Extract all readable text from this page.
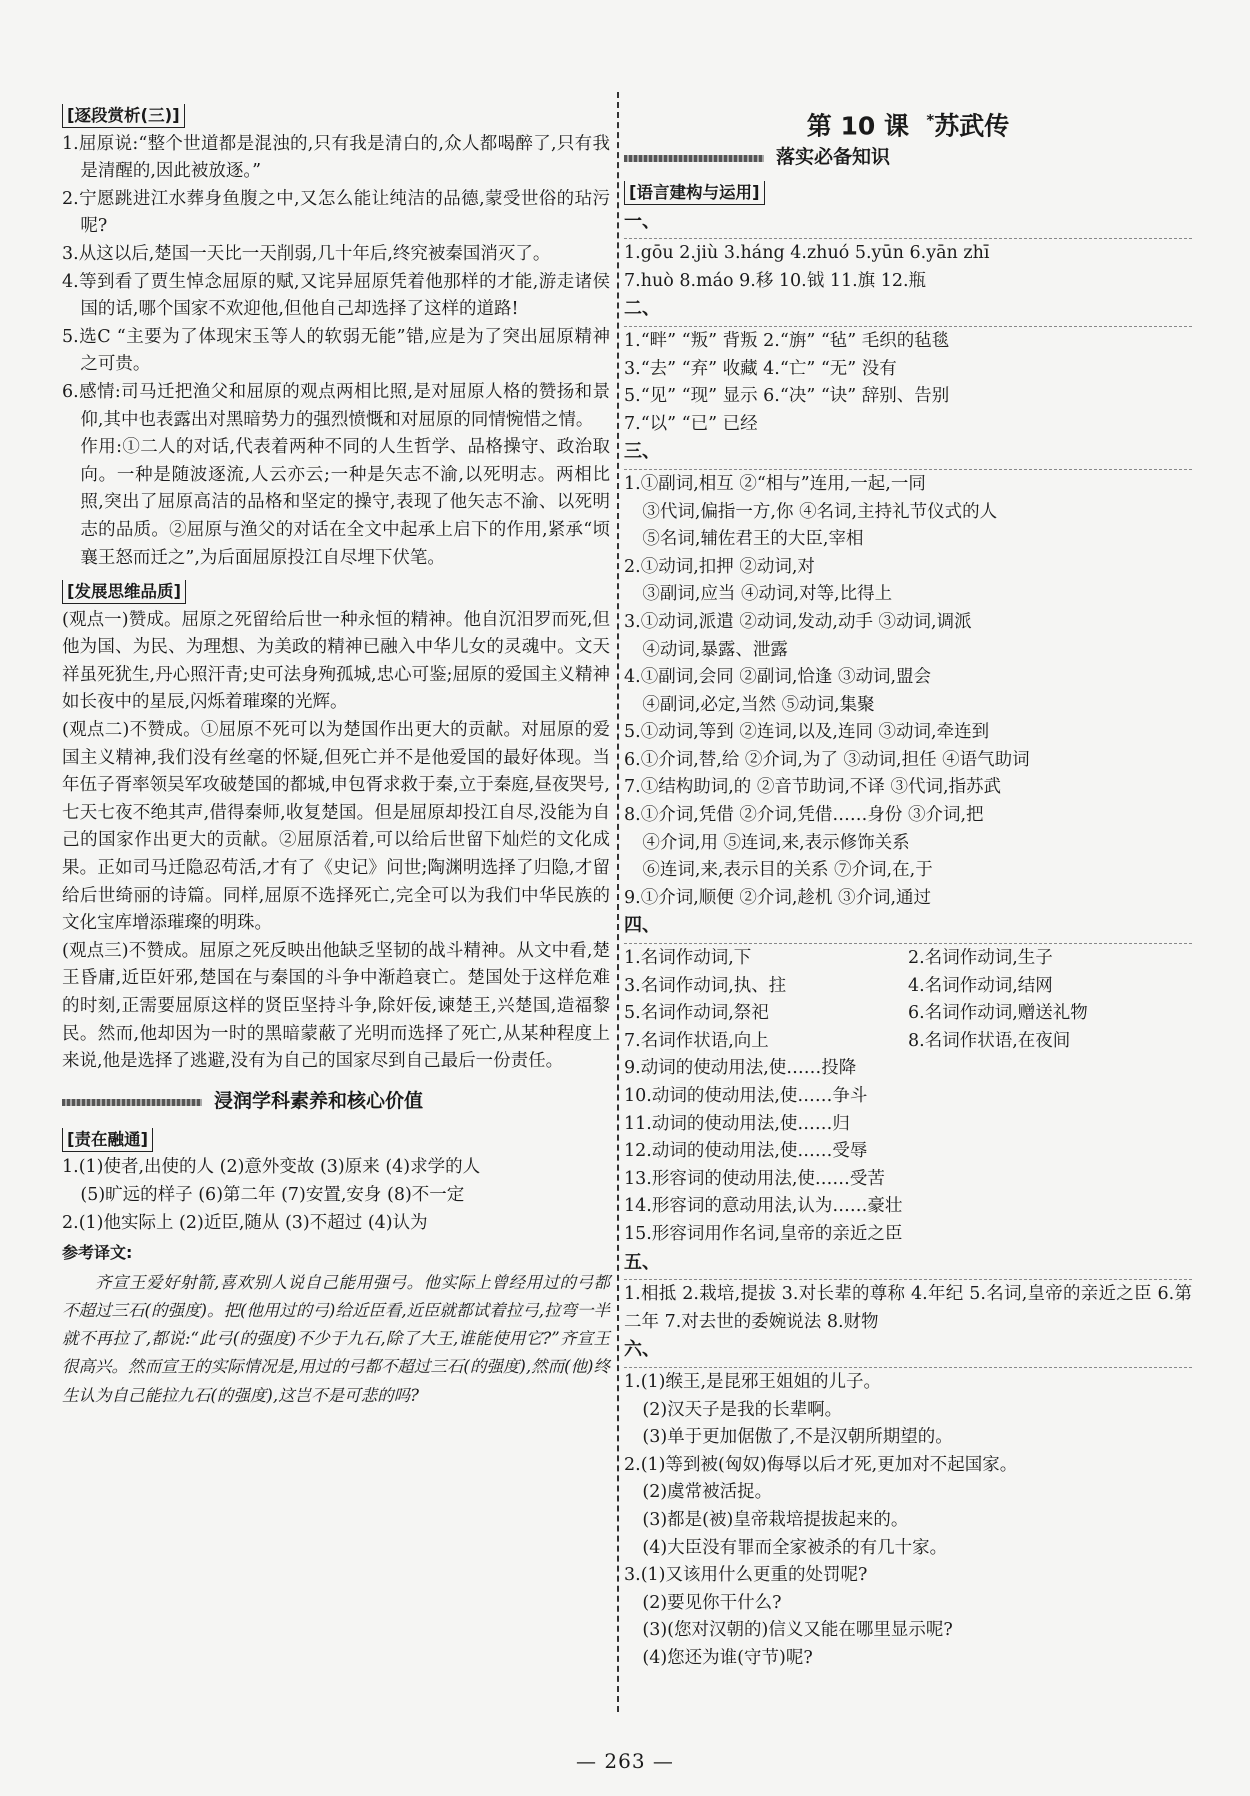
[逐段赏析(三)]

1.屈原说:“整个世道都是混浊的,只有我是清白的,众人都喝醉了,只有我是清醒的,因此被放逐。”

2.宁愿跳进江水葬身鱼腹之中,又怎么能让纯洁的品德,蒙受世俗的玷污呢?

3.从这以后,楚国一天比一天削弱,几十年后,终究被秦国消灭了。

4.等到看了贾生悼念屈原的赋,又诧异屈原凭着他那样的才能,游走诸侯国的话,哪个国家不欢迎他,但他自己却选择了这样的道路!

5.选C “主要为了体现宋玉等人的软弱无能”错,应是为了突出屈原精神之可贵。

6.感情:司马迁把渔父和屈原的观点两相比照,是对屈原人格的赞扬和景仰,其中也表露出对黑暗势力的强烈愤慨和对屈原的同情惋惜之情。

作用:①二人的对话,代表着两种不同的人生哲学、品格操守、政治取向。一种是随波逐流,人云亦云;一种是矢志不渝,以死明志。两相比照,突出了屈原高洁的品格和坚定的操守,表现了他矢志不渝、以死明志的品质。②屈原与渔父的对话在全文中起承上启下的作用,紧承“顷襄王怒而迁之”,为后面屈原投江自尽埋下伏笔。

[发展思维品质]

(观点一)赞成。屈原之死留给后世一种永恒的精神。他自沉汨罗而死,但他为国、为民、为理想、为美政的精神已融入中华儿女的灵魂中。文天祥虽死犹生,丹心照汗青;史可法身殉孤城,忠心可鉴;屈原的爱国主义精神如长夜中的星辰,闪烁着璀璨的光辉。

(观点二)不赞成。①屈原不死可以为楚国作出更大的贡献。对屈原的爱国主义精神,我们没有丝毫的怀疑,但死亡并不是他爱国的最好体现。当年伍子胥率领吴军攻破楚国的都城,申包胥求救于秦,立于秦庭,昼夜哭号,七天七夜不绝其声,借得秦师,收复楚国。但是屈原却投江自尽,没能为自己的国家作出更大的贡献。②屈原活着,可以给后世留下灿烂的文化成果。正如司马迁隐忍苟活,才有了《史记》问世;陶渊明选择了归隐,才留给后世绮丽的诗篇。同样,屈原不选择死亡,完全可以为我们中华民族的文化宝库增添璀璨的明珠。

(观点三)不赞成。屈原之死反映出他缺乏坚韧的战斗精神。从文中看,楚王昏庸,近臣奸邪,楚国在与秦国的斗争中渐趋衰亡。楚国处于这样危难的时刻,正需要屈原这样的贤臣坚持斗争,除奸佞,谏楚王,兴楚国,造福黎民。然而,他却因为一时的黑暗蒙蔽了光明而选择了死亡,从某种程度上来说,他是选择了逃避,没有为自己的国家尽到自己最后一份责任。

浸润学科素养和核心价值
[责在融通]

1.(1)使者,出使的人 (2)意外变故 (3)原来 (4)求学的人

(5)旷远的样子 (6)第二年 (7)安置,安身 (8)不一定

2.(1)他实际上 (2)近臣,随从 (3)不超过 (4)认为

参考译文:

齐宣王爱好射箭,喜欢别人说自己能用强弓。他实际上曾经用过的弓都不超过三石(的强度)。把(他用过的弓)给近臣看,近臣就都试着拉弓,拉弯一半就不再拉了,都说:“此弓(的强度)不少于九石,除了大王,谁能使用它?”齐宣王很高兴。然而宣王的实际情况是,用过的弓都不超过三石(的强度),然而(他)终生认为自己能拉九石(的强度),这岂不是可悲的吗?

第 10 课 *苏武传
落实必备知识
[语言建构与运用]
一、

1.gōu 2.jiù 3.háng 4.zhuó 5.yūn 6.yān zhī

7.huò 8.máo 9.移 10.钺 11.旗 12.瓶

二、

1.“畔” “叛” 背叛 2.“旃” “毡” 毛织的毡毯

3.“去” “弃” 收藏 4.“亡” “无” 没有

5.“见” “现” 显示 6.“决” “诀” 辞别、告别

7.“以” “已” 已经

三、

1.①副词,相互 ②“相与”连用,一起,一同

③代词,偏指一方,你 ④名词,主持礼节仪式的人

⑤名词,辅佐君王的大臣,宰相

2.①动词,扣押 ②动词,对

③副词,应当 ④动词,对等,比得上

3.①动词,派遣 ②动词,发动,动手 ③动词,调派

④动词,暴露、泄露

4.①副词,会同 ②副词,恰逢 ③动词,盟会

④副词,必定,当然 ⑤动词,集聚

5.①动词,等到 ②连词,以及,连同 ③动词,牵连到

6.①介词,替,给 ②介词,为了 ③动词,担任 ④语气助词

7.①结构助词,的 ②音节助词,不译 ③代词,指苏武

8.①介词,凭借 ②介词,凭借……身份 ③介词,把

④介词,用 ⑤连词,来,表示修饰关系

⑥连词,来,表示目的关系 ⑦介词,在,于

9.①介词,顺便 ②介词,趁机 ③介词,通过

四、

1.名词作动词,下	2.名词作动词,生子

3.名词作动词,执、拄	4.名词作动词,结网

5.名词作动词,祭祀	6.名词作动词,赠送礼物

7.名词作状语,向上	8.名词作状语,在夜间

9.动词的使动用法,使……投降

10.动词的使动用法,使……争斗

11.动词的使动用法,使……归

12.动词的使动用法,使……受辱

13.形容词的使动用法,使……受苦

14.形容词的意动用法,认为……豪壮

15.形容词用作名词,皇帝的亲近之臣

五、

1.相抵 2.栽培,提拔 3.对长辈的尊称 4.年纪 5.名词,皇帝的亲近之臣 6.第二年 7.对去世的委婉说法 8.财物

六、

1.(1)缑王,是昆邪王姐姐的儿子。

(2)汉天子是我的长辈啊。

(3)单于更加倨傲了,不是汉朝所期望的。

2.(1)等到被(匈奴)侮辱以后才死,更加对不起国家。

(2)虞常被活捉。

(3)都是(被)皇帝栽培提拔起来的。

(4)大臣没有罪而全家被杀的有几十家。

3.(1)又该用什么更重的处罚呢?

(2)要见你干什么?

(3)(您对汉朝的)信义又能在哪里显示呢?

(4)您还为谁(守节)呢?

— 263 —
